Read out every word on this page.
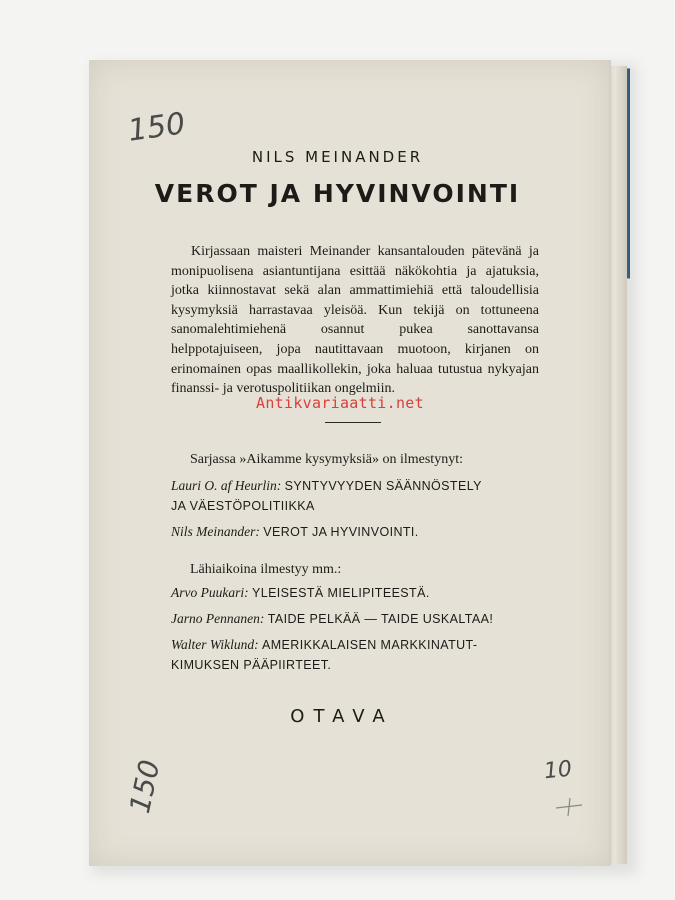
150
NILS MEINANDER
VEROT JA HYVINVOINTI
Kirjassaan maisteri Meinander kansantalouden pätevänä ja monipuolisena asiantuntijana esittää näkökohtia ja ajatuksia, jotka kiinnostavat sekä alan ammattimiehiä että taloudellisia kysymyksiä harrastavaa yleisöä. Kun tekijä on tottuneena sanomalehtimiehenä osannut pukea sanottavansa helppotajuiseen, jopa nautittavaan muotoon, kirjanen on erinomainen opas maallikollekin, joka haluaa tutustua nykyajan finanssi- ja verotuspolitiikan ongelmiin.
Antikvariaatti.net
Sarjassa »Aikamme kysymyksiä» on ilmestynyt:
Lauri O. af Heurlin: SYNTYVYYDEN SÄÄNNÖSTELY
JA VÄESTÖPOLITIIKKA
Nils Meinander: VEROT JA HYVINVOINTI.
Lähiaikoina ilmestyy mm.:
Arvo Puukari: YLEISESTÄ MIELIPITEESTÄ.
Jarno Pennanen: TAIDE PELKÄÄ — TAIDE USKALTAA!
Walter Wiklund: AMERIKKALAISEN MARKKINATUT-
KIMUKSEN PÄÄPIIRTEET.
OTAVA
150	10
